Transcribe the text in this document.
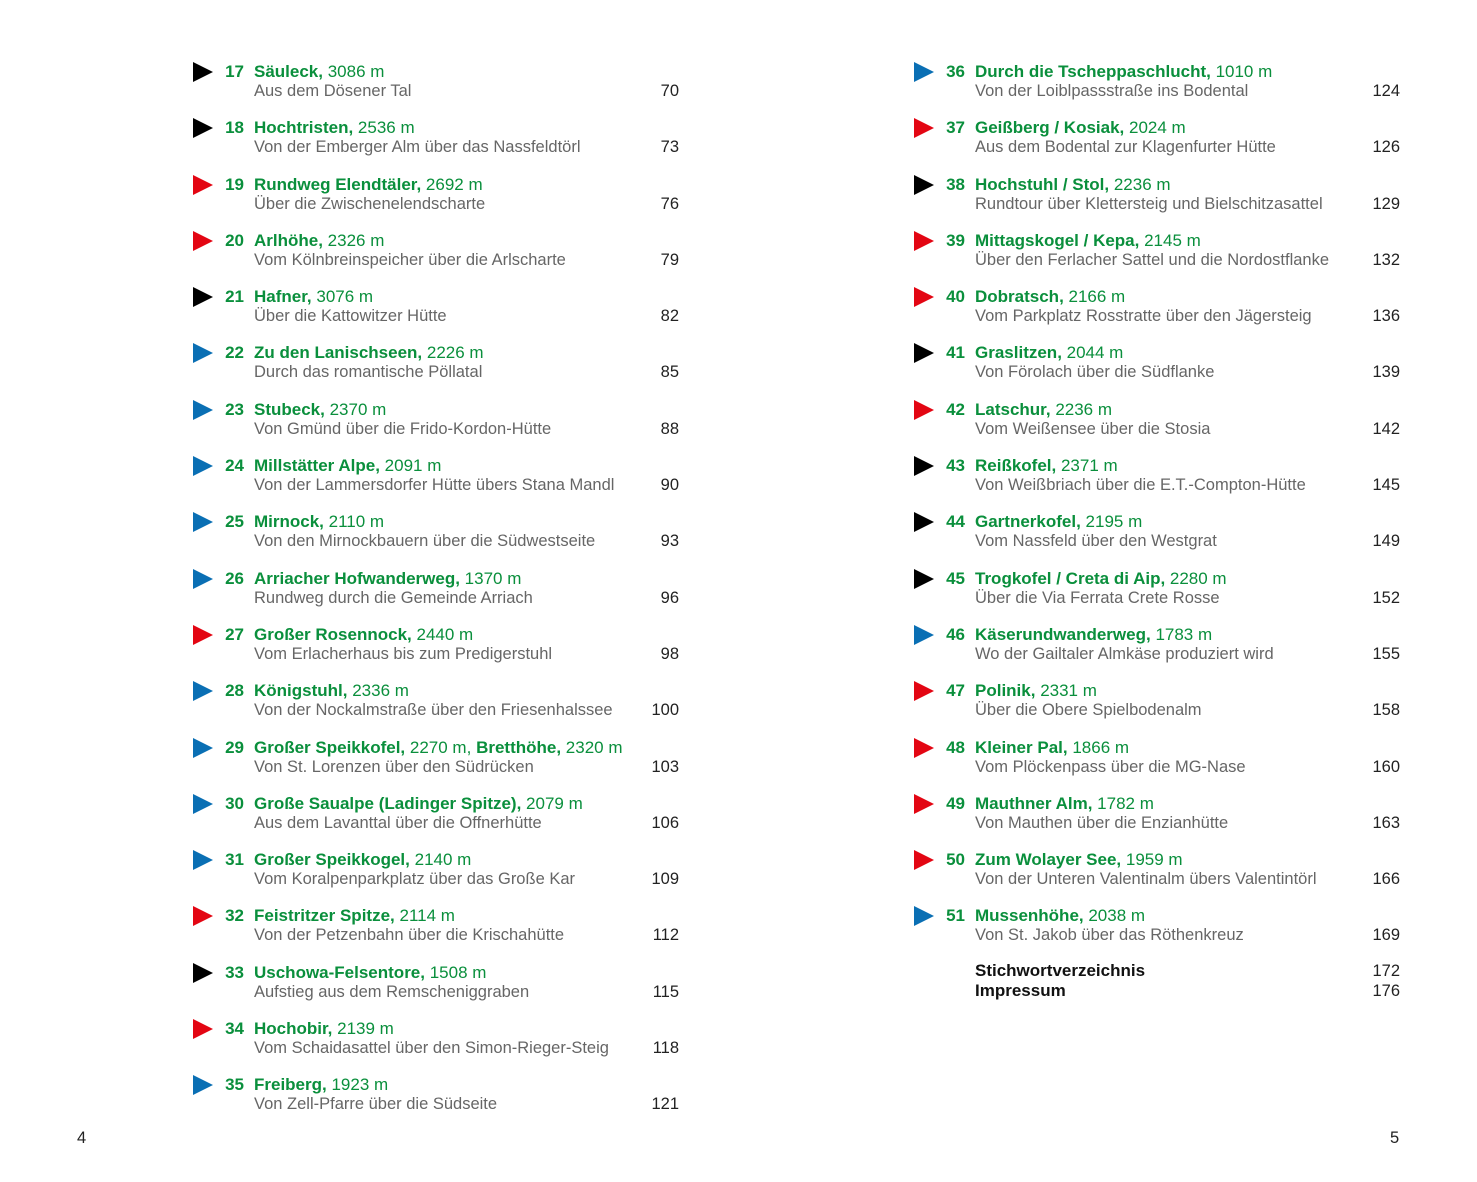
17 Säuleck, 3086 m
Aus dem Dösener Tal	70
18 Hochtristen, 2536 m
Von der Emberger Alm über das Nassfeldtörl	73
19 Rundweg Elendtäler, 2692 m
Über die Zwischenelendscharte	76
20 Arlhöhe, 2326 m
Vom Kölnbreinspeicher über die Arlscharte	79
21 Hafner, 3076 m
Über die Kattowitzer Hütte	82
22 Zu den Lanischseen, 2226 m
Durch das romantische Pöllatal	85
23 Stubeck, 2370 m
Von Gmünd über die Frido-Kordon-Hütte	88
24 Millstätter Alpe, 2091 m
Von der Lammersdorfer Hütte übers Stana Mandl	90
25 Mirnock, 2110 m
Von den Mirnockbauern über die Südwestseite	93
26 Arriacher Hofwanderweg, 1370 m
Rundweg durch die Gemeinde Arriach	96
27 Großer Rosennock, 2440 m
Vom Erlacherhaus bis zum Predigerstuhl	98
28 Königstuhl, 2336 m
Von der Nockalmstraße über den Friesenhalssee 100
29 Großer Speikkofel, 2270 m, Bretthöhe, 2320 m
Von St. Lorenzen über den Südrücken	103
30 Große Saualpe (Ladinger Spitze), 2079 m
Aus dem Lavanttal über die Offnerhütte	106
31 Großer Speikkogel, 2140 m
Vom Koralpenparkplatz über das Große Kar	109
32 Feistritzer Spitze, 2114 m
Von der Petzenbahn über die Krischahütte	112
33 Uschowa-Felsentore, 1508 m
Aufstieg aus dem Remscheniggraben	115
34 Hochobir, 2139 m
Vom Schaidasattel über den Simon-Rieger-Steig	118
35 Freiberg, 1923 m
Von Zell-Pfarre über die Südseite	121
4
36 Durch die Tscheppaschlucht, 1010 m
Von der Loiblpassstraße ins Bodental	124
37 Geißberg / Kosiak, 2024 m
Aus dem Bodental zur Klagenfurter Hütte	126
38 Hochstuhl / Stol, 2236 m
Rundtour über Klettersteig und Bielschitzasattel	129
39 Mittagskogel / Kepa, 2145 m
Über den Ferlacher Sattel und die Nordostflanke	132
40 Dobratsch, 2166 m
Vom Parkplatz Rosstratte über den Jägersteig	136
41 Graslitzen, 2044 m
Von Förolach über die Südflanke	139
42 Latschur, 2236 m
Vom Weißensee über die Stosia	142
43 Reißkofel, 2371 m
Von Weißbriach über die E.T.-Compton-Hütte	145
44 Gartnerkofel, 2195 m
Vom Nassfeld über den Westgrat	149
45 Trogkofel / Creta di Aip, 2280 m
Über die Via Ferrata Crete Rosse	152
46 Käserundwanderweg, 1783 m
Wo der Gailtaler Almkäse produziert wird	155
47 Polinik, 2331 m
Über die Obere Spielbodenalm	158
48 Kleiner Pal, 1866 m
Vom Plöckenpass über die MG-Nase	160
49 Mauthner Alm, 1782 m
Von Mauthen über die Enzianhütte	163
50 Zum Wolayer See, 1959 m
Von der Unteren Valentinalm übers Valentintörl	166
51 Mussenhöhe, 2038 m
Von St. Jakob über das Röthenkreuz	169
Stichwortverzeichnis	172
Impressum	176
5
